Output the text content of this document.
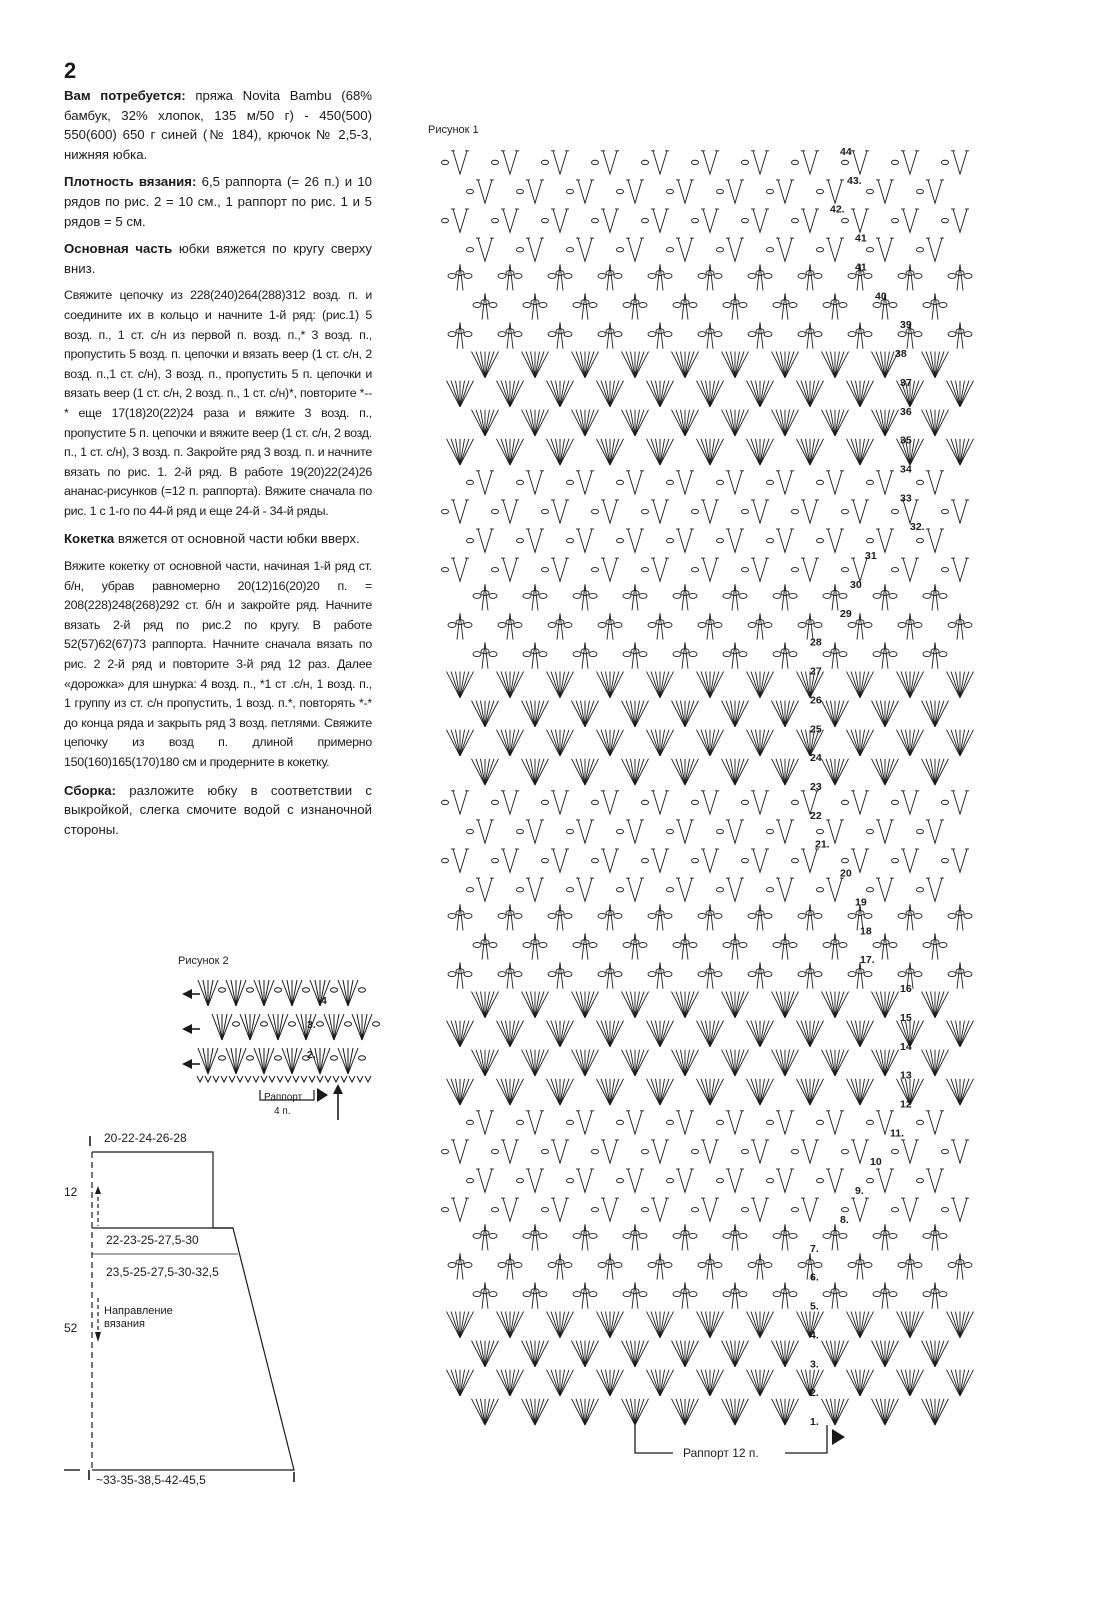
2

Вам потребуется: пряжа Novita Bambu (68% бамбук, 32% хлопок, 135 м/50 г) - 450(500) 550(600) 650 г синей (№ 184), крючок № 2,5-3, нижняя юбка.

Плотность вязания: 6,5 раппорта (= 26 п.) и 10 рядов по рис. 2 = 10 см., 1 раппорт по рис. 1 и 5 рядов = 5 см.

Основная часть юбки вяжется по кругу сверху вниз.

Свяжите цепочку из 228(240)264(288)312 возд. п. и соедините их в кольцо и начните 1-й ряд: (рис.1) 5 возд. п., 1 ст. с/н из первой п. возд. п.,* 3 возд. п., пропустить 5 возд. п. цепочки и вязать веер (1 ст. с/н, 2 возд. п.,1 ст. с/н), 3 возд. п., пропустить 5 п. цепочки и вязать веер (1 ст. с/н, 2 возд. п., 1 ст. с/н)*, повторите *--* еще 17(18)20(22)24 раза и вяжите 3 возд. п., пропустите 5 п. цепочки и вяжите веер (1 ст. с/н, 2 возд. п., 1 ст. с/н), 3 возд. п. Закройте ряд 3 возд. п. и начните вязать по рис. 1. 2-й ряд. В работе 19(20)22(24)26 ананас-рисунков (=12 п. раппорта). Вяжите сначала по рис. 1 с 1-го по 44-й ряд и еще 24-й - 34-й ряды.

Кокетка вяжется от основной части юбки вверх.

Вяжите кокетку от основной части, начиная 1-й ряд ст. б/н, убрав равномерно 20(12)16(20)20 п. = 208(228)248(268)292 ст. б/н и закройте ряд. Начните вязать 2-й ряд по рис.2 по кругу. В работе 52(57)62(67)73 раппорта. Начните сначала вязать по рис. 2 2-й ряд и повторите 3-й ряд 12 раз. Далее «дорожка» для шнурка: 4 возд. п., *1 ст .с/н, 1 возд. п., 1 группу из ст. с/н пропустить, 1 возд. п.*, повторять *-* до конца ряда и закрыть ряд 3 возд. петлями. Свяжите цепочку из возд п. длиной примерно 150(160)165(170)180 см и продерните в кокетку.

Сборка: разложите юбку в соответствии с выкройкой, слегка смочите водой с изнаночной стороны.

Рисунок 2
4
3.
2.
Раппорт
4 п.
20-22-24-26-28
12
22-23-25-27,5-30
23,5-25-27,5-30-32,5
Направление вязания
52
~33-35-38,5-42-45,5
Рисунок 1
44
43.
42.
41
41
40
39
38
37
36
35
34
33
32.
31
30
29
28
27
26
25
24
23
22
21.
20
19
18
17.
16
15
14
13
12
11.
10
9.
8.
7.
6.
5.
4.
3.
2.
1.
Раппорт 12 п.
